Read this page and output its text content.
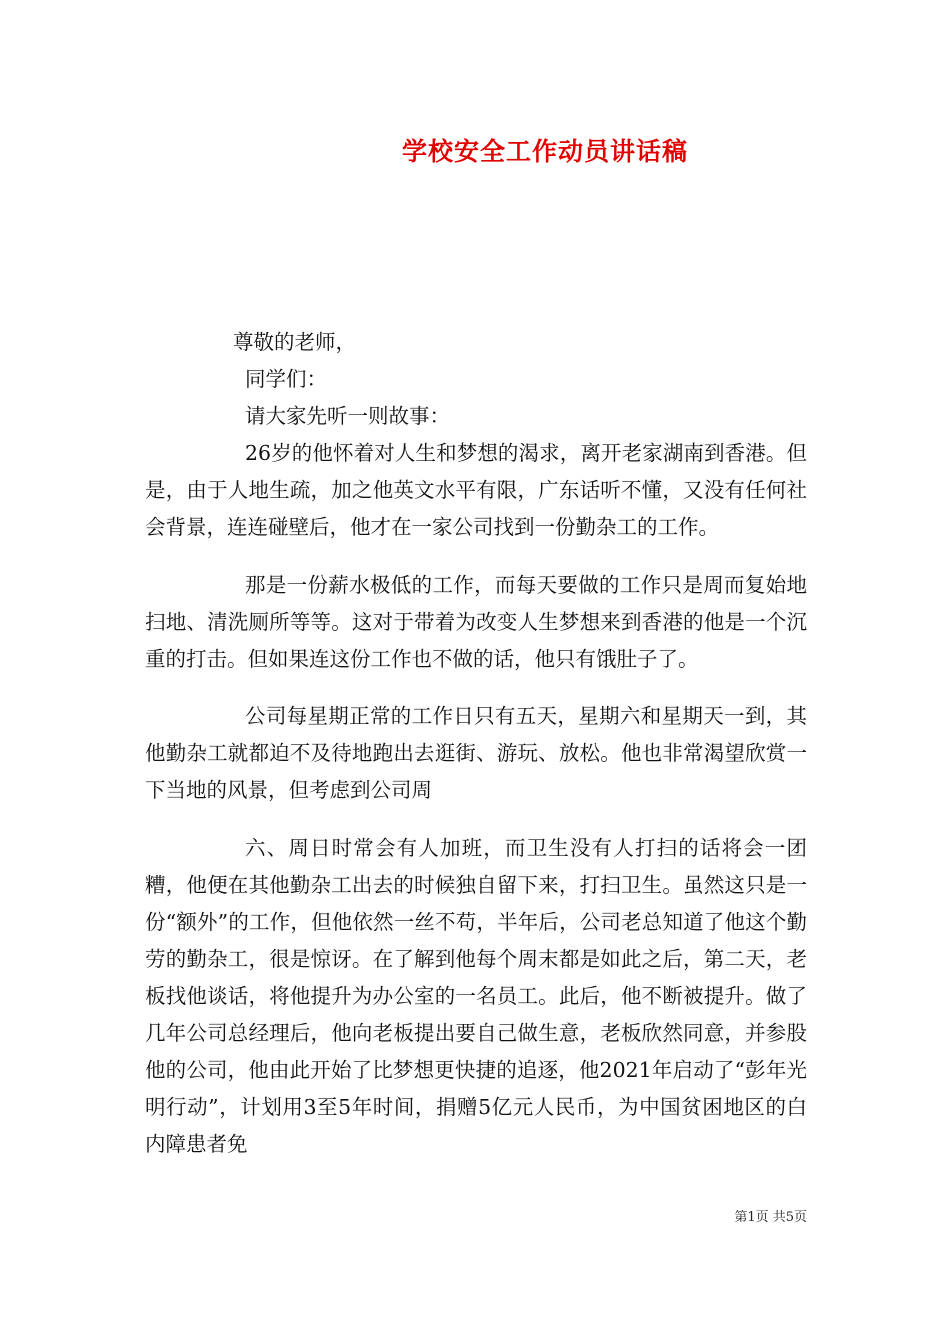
学校安全工作动员讲话稿
尊敬的老师，
同学们：
请大家先听一则故事：

26岁的他怀着对人生和梦想的渴求，离开老家湖南到香港。但是，由于人地生疏，加之他英文水平有限，广东话听不懂，又没有任何社会背景，连连碰壁后，他才在一家公司找到一份勤杂工的工作。

那是一份薪水极低的工作，而每天要做的工作只是周而复始地扫地、清洗厕所等等。这对于带着为改变人生梦想来到香港的他是一个沉重的打击。但如果连这份工作也不做的话，他只有饿肚子了。

公司每星期正常的工作日只有五天，星期六和星期天一到，其他勤杂工就都迫不及待地跑出去逛街、游玩、放松。他也非常渴望欣赏一下当地的风景，但考虑到公司周

六、周日时常会有人加班，而卫生没有人打扫的话将会一团糟，他便在其他勤杂工出去的时候独自留下来，打扫卫生。虽然这只是一份“额外”的工作，但他依然一丝不苟，半年后，公司老总知道了他这个勤劳的勤杂工，很是惊讶。在了解到他每个周末都是如此之后，第二天，老板找他谈话，将他提升为办公室的一名员工。此后，他不断被提升。做了几年公司总经理后，他向老板提出要自己做生意，老板欣然同意，并参股他的公司，他由此开始了比梦想更快捷的追逐，他2021年启动了“彭年光明行动”，计划用3至5年时间，捐赠5亿元人民币，为中国贫困地区的白内障患者免

第1页 共5页
